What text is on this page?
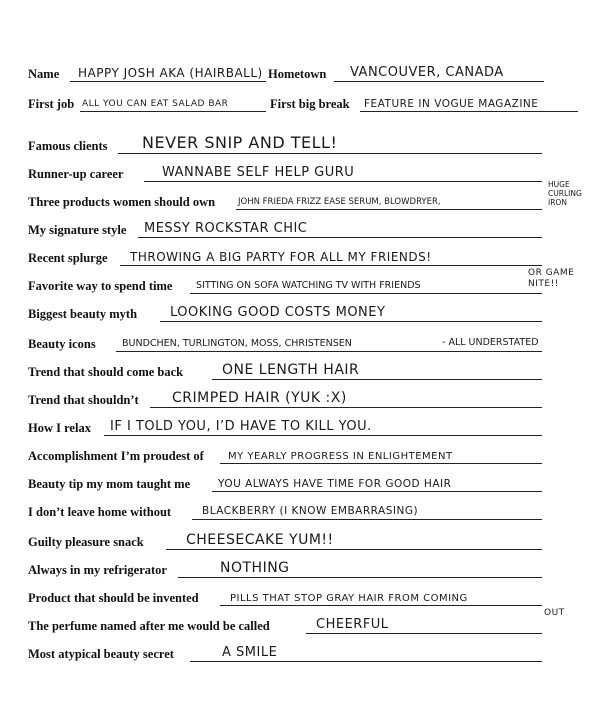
Name HAPPY JOSH AKA (HAIRBALL) Hometown VANCOUVER, CANADA
First job ALL YOU CAN EAT SALAD BAR	First big break FEATURE IN VOGUE MAGAZINE
Famous clients NEVER SNIP AND TELL!
Runner-up career	WANNABE SELF HELP GURU
Three products women should own	JOHN FRIEDA FRIZZ EASE SERUM, BLOWDRYER,
HUGE CURLING IRON
My signature style MESSY ROCKSTAR CHIC
Recent splurge THROWING A BIG PARTY FOR ALL MY FRIENDS!
Favorite way to spend time SITTING ON SOFA WATCHING TV WITH FRIENDS
OR GAME NITE!!
Biggest beauty myth	LOOKING GOOD COSTS MONEY
Beauty icons	BUNDCHEN, TURLINGTON, MOSS, CHRISTENSEN	- ALL UNDERSTATED
Trend that should come back	ONE LENGTH HAIR
Trend that shouldn’t CRIMPED HAIR (YUK :X)
How I relax IF I TOLD YOU, I’D HAVE TO KILL YOU.
Accomplishment I’m proudest of MY YEARLY PROGRESS IN ENLIGHTEMENT
Beauty tip my mom taught me	YOU ALWAYS HAVE TIME FOR GOOD HAIR
I don’t leave home without	BLACKBERRY (I KNOW EMBARRASING)
Guilty pleasure snack	CHEESECAKE YUM!!
Always in my refrigerator	NOTHING
Product that should be invented	PILLS THAT STOP GRAY HAIR FROM COMING
OUT
The perfume named after me would be called	CHEERFUL
Most atypical beauty secret	A SMILE
